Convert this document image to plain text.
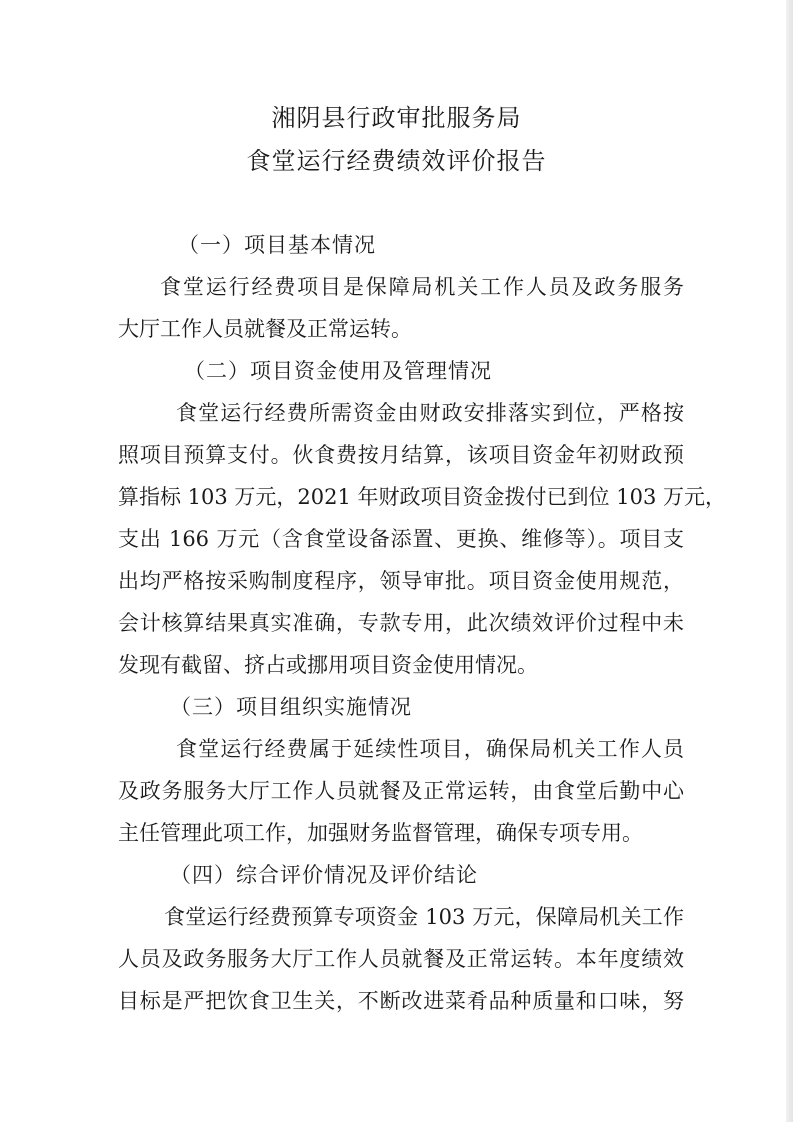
湘阴县行政审批服务局
食堂运行经费绩效评价报告

（一）项目基本情况

食堂运行经费项目是保障局机关工作人员及政务服务

大厅工作人员就餐及正常运转。

（二）项目资金使用及管理情况

食堂运行经费所需资金由财政安排落实到位，严格按

照项目预算支付。伙食费按月结算，该项目资金年初财政预

算指标 103 万元，2021 年财政项目资金拨付已到位 103 万元，

支出 166 万元（含食堂设备添置、更换、维修等）。项目支

出均严格按采购制度程序，领导审批。项目资金使用规范，

会计核算结果真实准确，专款专用，此次绩效评价过程中未

发现有截留、挤占或挪用项目资金使用情况。

（三）项目组织实施情况

食堂运行经费属于延续性项目，确保局机关工作人员

及政务服务大厅工作人员就餐及正常运转，由食堂后勤中心

主任管理此项工作，加强财务监督管理，确保专项专用。

（四）综合评价情况及评价结论

食堂运行经费预算专项资金 103 万元，保障局机关工作

人员及政务服务大厅工作人员就餐及正常运转。本年度绩效

目标是严把饮食卫生关，不断改进菜肴品种质量和口味，努
